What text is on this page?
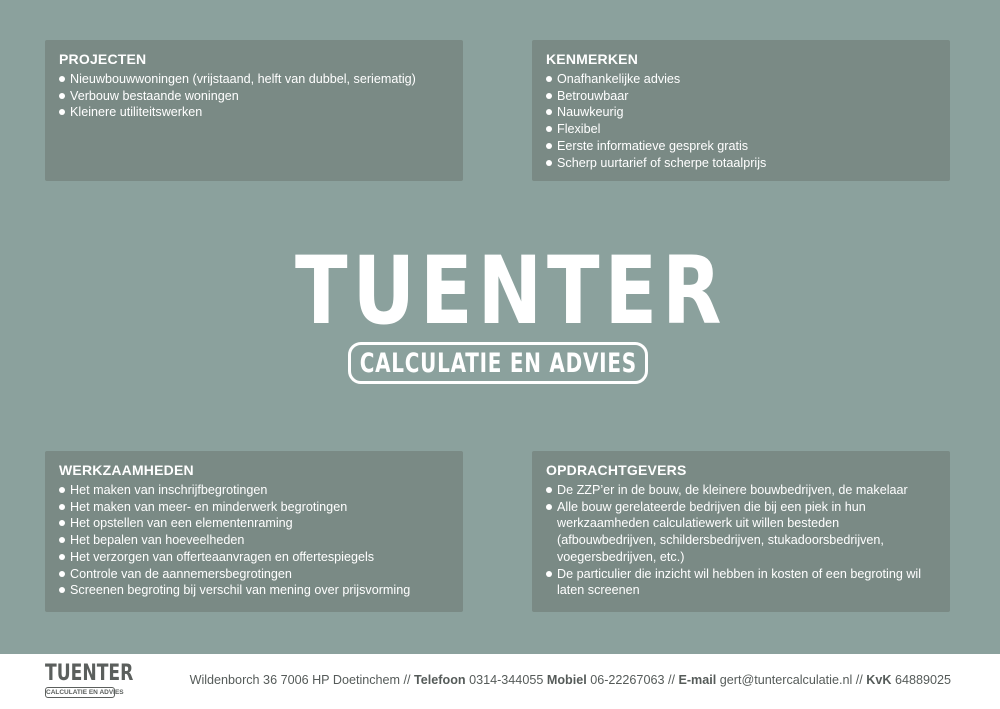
PROJECTEN
Nieuwbouwwoningen (vrijstaand, helft van dubbel, seriematig)
Verbouw bestaande woningen
Kleinere utiliteitswerken
KENMERKEN
Onafhankelijke advies
Betrouwbaar
Nauwkeurig
Flexibel
Eerste informatieve gesprek gratis
Scherp uurtarief of scherpe totaalprijs
TUENTER
CALCULATIE EN ADVIES
WERKZAAMHEDEN
Het maken van inschrijfbegrotingen
Het maken van meer- en minderwerk begrotingen
Het opstellen van een elementenraming
Het bepalen van hoeveelheden
Het verzorgen van offerteaanvragen en offertespiegels
Controle van de aannemersbegrotingen
Screenen begroting bij verschil van mening over prijsvorming
OPDRACHTGEVERS
De ZZP’er in de bouw, de kleinere bouwbedrijven, de makelaar
Alle bouw gerelateerde bedrijven die bij een piek in hun werkzaamheden calculatiewerk uit willen besteden (afbouwbedrijven, schildersbedrijven, stukadoorsbedrijven, voegersbedrijven, etc.)
De particulier die inzicht wil hebben in kosten of een begroting wil laten screenen
TUENTER
CALCULATIE EN ADVIES
Wildenborch 36 7006 HP Doetinchem // Telefoon 0314-344055 Mobiel 06-22267063 // E-mail gert@tuntercalculatie.nl // KvK 64889025
